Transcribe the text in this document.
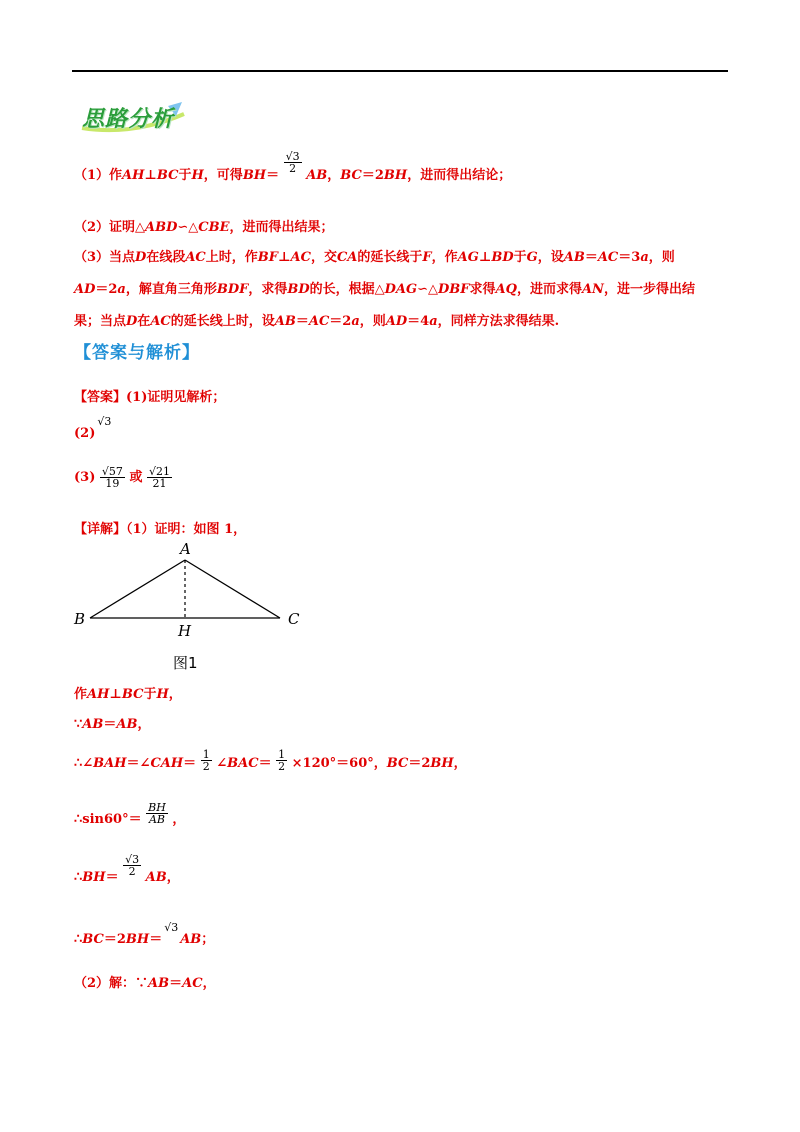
思路分析
（1）作AH⊥BC于H，可得BH＝
$\frac{√3}{2}$
AB，BC＝2BH，进而得出结论；
（2）证明△ABD∽△CBE，进而得出结果；
（3）当点D在线段AC上时，作BF⊥AC，交CA的延长线于F，作AG⊥BD于G，设AB＝AC＝3a，则
AD＝2a，解直角三角形BDF，求得BD的长，根据△DAG∽△DBF求得AQ，进而求得AN，进一步得出结
果；当点D在AC的延长线上时，设AB＝AC＝2a，则AD＝4a，同样方法求得结果.
【答案与解析】
【答案】(1)证明见解析；
$(2)^{√3}$
$(3) \frac{√57}{19}$ 或 $\frac{√21}{21}$
【详解】（1）证明：如图 1，
A
B	C
H
图1
作AH⊥BC于H，
∵AB＝AB，
∴∠BAH＝∠CAH＝ $\frac{1}{2}$ ∠BAC＝ $\frac{1}{2} \times 120^\circ=60^\circ$，BC＝2BH，
∴sin60°＝ $\frac{BH}{AB}$ ，
∴BH＝
$\frac{√3}{2}$
AB，
∴BC＝2BH＝$^{√3}$AB；
（2）解：∵AB＝AC，
